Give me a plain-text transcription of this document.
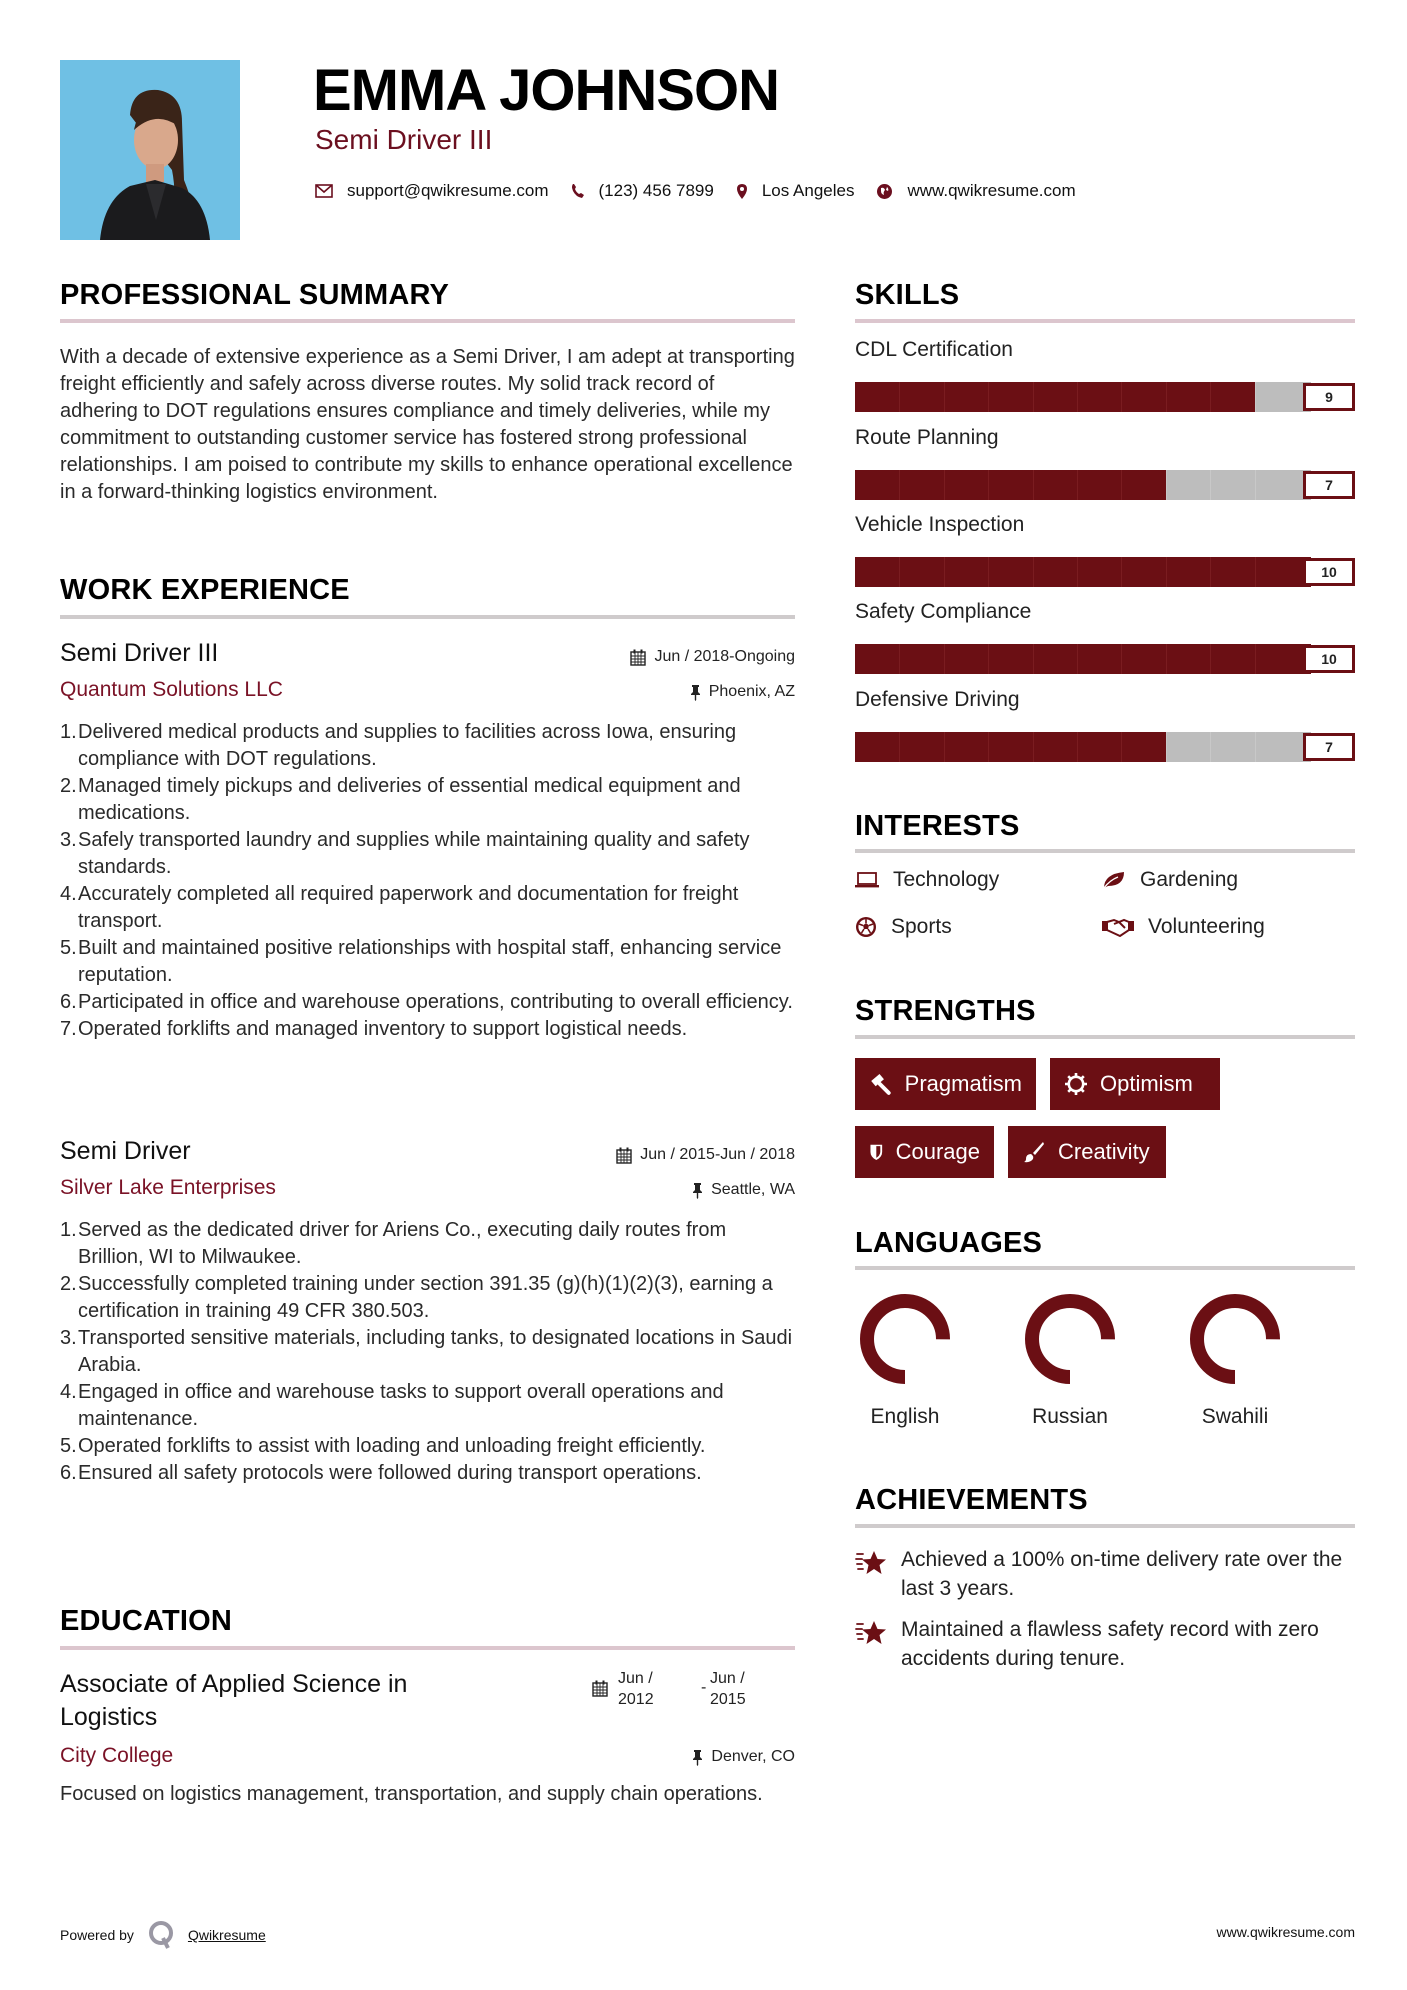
EMMA JOHNSON
Semi Driver III
support@qwikresume.com	(123) 456 7899	Los Angeles	www.qwikresume.com
PROFESSIONAL SUMMARY
With a decade of extensive experience as a Semi Driver, I am adept at transporting freight efficiently and safely across diverse routes. My solid track record of adhering to DOT regulations ensures compliance and timely deliveries, while my commitment to outstanding customer service has fostered strong professional relationships. I am poised to contribute my skills to enhance operational excellence in a forward-thinking logistics environment.
WORK EXPERIENCE
Semi Driver III	Jun / 2018-Ongoing
Quantum Solutions LLC	Phoenix, AZ
1. Delivered medical products and supplies to facilities across Iowa, ensuring compliance with DOT regulations.
2. Managed timely pickups and deliveries of essential medical equipment and medications.
3. Safely transported laundry and supplies while maintaining quality and safety standards.
4. Accurately completed all required paperwork and documentation for freight transport.
5. Built and maintained positive relationships with hospital staff, enhancing service reputation.
6. Participated in office and warehouse operations, contributing to overall efficiency.
7. Operated forklifts and managed inventory to support logistical needs.
Semi Driver	Jun / 2015-Jun / 2018
Silver Lake Enterprises	Seattle, WA
1. Served as the dedicated driver for Ariens Co., executing daily routes from Brillion, WI to Milwaukee.
2. Successfully completed training under section 391.35 (g)(h)(1)(2)(3), earning a certification in training 49 CFR 380.503.
3. Transported sensitive materials, including tanks, to designated locations in Saudi Arabia.
4. Engaged in office and warehouse tasks to support overall operations and maintenance.
5. Operated forklifts to assist with loading and unloading freight efficiently.
6. Ensured all safety protocols were followed during transport operations.
EDUCATION
Associate of Applied Science in Logistics
Jun / 2012
-
Jun / 2015
City College	Denver, CO
Focused on logistics management, transportation, and supply chain operations.
SKILLS
CDL Certification
9
Route Planning
7
Vehicle Inspection
10
Safety Compliance
10
Defensive Driving
7
INTERESTS
Technology	Gardening
Sports	Volunteering
STRENGTHS
Pragmatism	Optimism
Courage	Creativity
LANGUAGES
English	Russian	Swahili
ACHIEVEMENTS
Achieved a 100% on-time delivery rate over the last 3 years.
Maintained a flawless safety record with zero accidents during tenure.
Powered by	Qwikresume	www.qwikresume.com
